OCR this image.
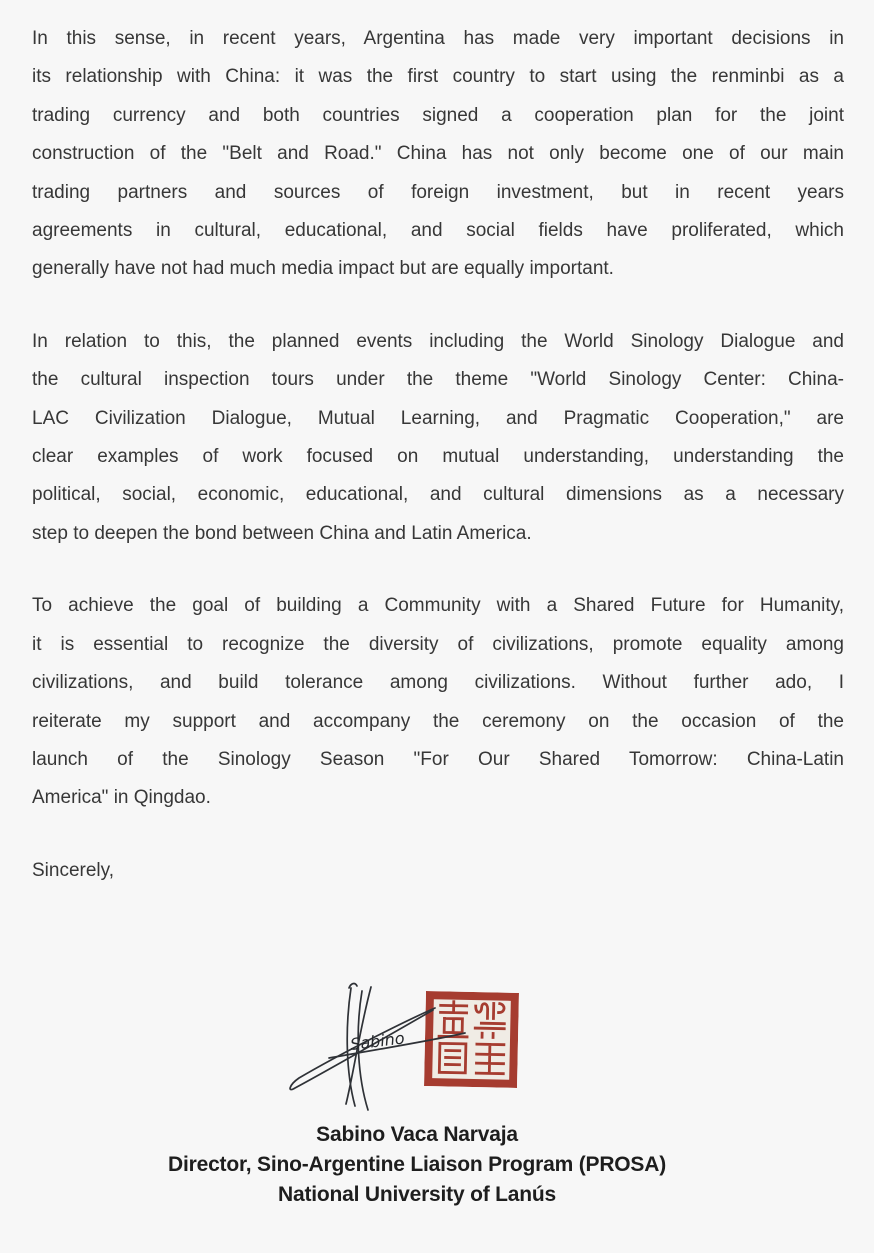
In this sense, in recent years, Argentina has made very important decisions in
its relationship with China: it was the first country to start using the renminbi as a
trading currency and both countries signed a cooperation plan for the joint
construction of the "Belt and Road." China has not only become one of our main
trading partners and sources of foreign investment, but in recent years
agreements in cultural, educational, and social fields have proliferated, which
generally have not had much media impact but are equally important.
In relation to this, the planned events including the World Sinology Dialogue and
the cultural inspection tours under the theme "World Sinology Center: China-
LAC Civilization Dialogue, Mutual Learning, and Pragmatic Cooperation," are
clear examples of work focused on mutual understanding, understanding the
political, social, economic, educational, and cultural dimensions as a necessary
step to deepen the bond between China and Latin America.
To achieve the goal of building a Community with a Shared Future for Humanity,
it is essential to recognize the diversity of civilizations, promote equality among
civilizations, and build tolerance among civilizations. Without further ado, I
reiterate my support and accompany the ceremony on the occasion of the
launch of the Sinology Season "For Our Shared Tomorrow: China-Latin
America" in Qingdao.
Sincerely,
Sabino
Sabino Vaca Narvaja
Director, Sino-Argentine Liaison Program (PROSA)
National University of Lanús
